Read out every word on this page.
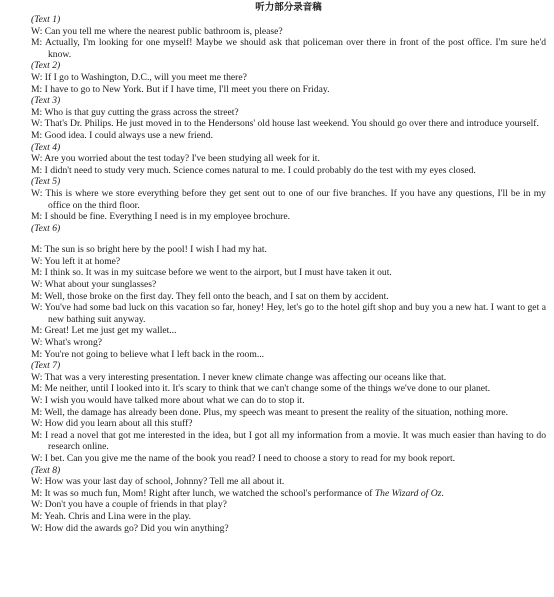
听力部分录音稿
(Text 1)
W: Can you tell me where the nearest public bathroom is, please?
M: Actually, I'm looking for one myself! Maybe we should ask that policeman over there in front of the post office. I'm sure he'd know.
(Text 2)
W: If I go to Washington, D.C., will you meet me there?
M: I have to go to New York. But if I have time, I'll meet you there on Friday.
(Text 3)
M: Who is that guy cutting the grass across the street?
W: That's Dr. Philips. He just moved in to the Hendersons' old house last weekend. You should go over there and introduce yourself.
M: Good idea. I could always use a new friend.
(Text 4)
W: Are you worried about the test today? I've been studying all week for it.
M: I didn't need to study very much. Science comes natural to me. I could probably do the test with my eyes closed.
(Text 5)
W: This is where we store everything before they get sent out to one of our five branches. If you have any questions, I'll be in my office on the third floor.
M: I should be fine. Everything I need is in my employee brochure.
(Text 6)
M: The sun is so bright here by the pool! I wish I had my hat.
W: You left it at home?
M: I think so. It was in my suitcase before we went to the airport, but I must have taken it out.
W: What about your sunglasses?
M: Well, those broke on the first day. They fell onto the beach, and I sat on them by accident.
W: You've had some bad luck on this vacation so far, honey! Hey, let's go to the hotel gift shop and buy you a new hat. I want to get a new bathing suit anyway.
M: Great! Let me just get my wallet...
W: What's wrong?
M: You're not going to believe what I left back in the room...
(Text 7)
W: That was a very interesting presentation. I never knew climate change was affecting our oceans like that.
M: Me neither, until I looked into it. It's scary to think that we can't change some of the things we've done to our planet.
W: I wish you would have talked more about what we can do to stop it.
M: Well, the damage has already been done. Plus, my speech was meant to present the reality of the situation, nothing more.
W: How did you learn about all this stuff?
M: I read a novel that got me interested in the idea, but I got all my information from a movie. It was much easier than having to do research online.
W: I bet. Can you give me the name of the book you read? I need to choose a story to read for my book report.
(Text 8)
W: How was your last day of school, Johnny? Tell me all about it.
M: It was so much fun, Mom! Right after lunch, we watched the school's performance of The Wizard of Oz.
W: Don't you have a couple of friends in that play?
M: Yeah. Chris and Lina were in the play.
W: How did the awards go? Did you win anything?
